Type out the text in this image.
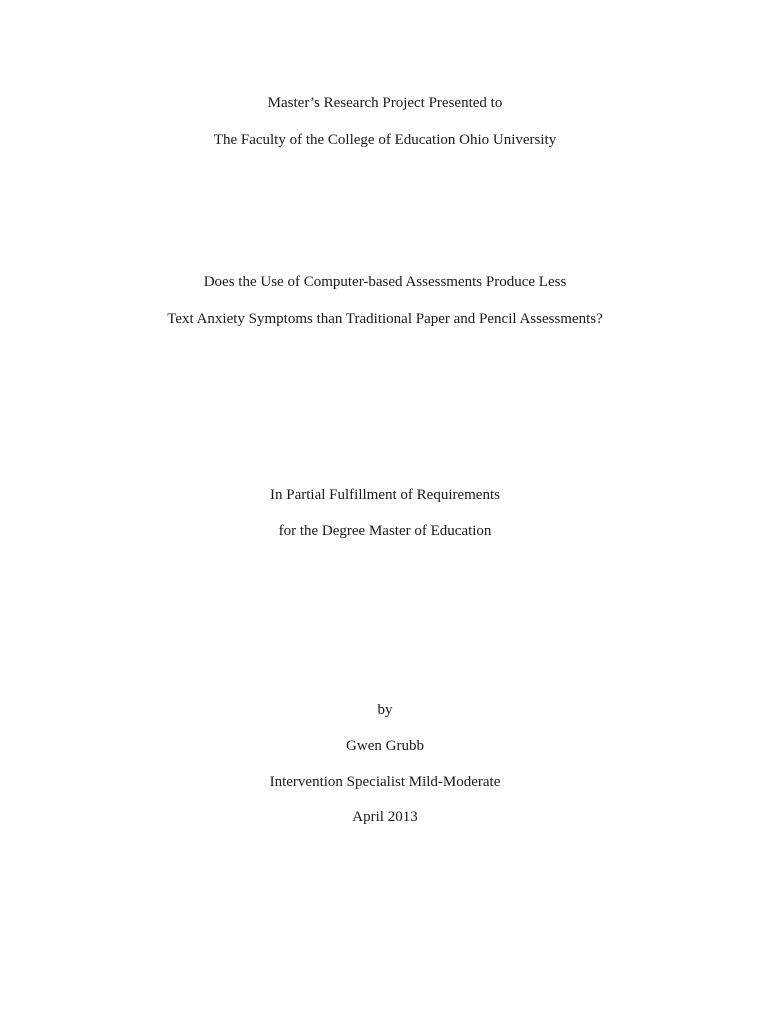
Master’s Research Project Presented to
The Faculty of the College of Education Ohio University
Does the Use of Computer-based Assessments Produce Less
Text Anxiety Symptoms than Traditional Paper and Pencil Assessments?
In Partial Fulfillment of Requirements
for the Degree Master of Education
by
Gwen Grubb
Intervention Specialist Mild-Moderate
April 2013
